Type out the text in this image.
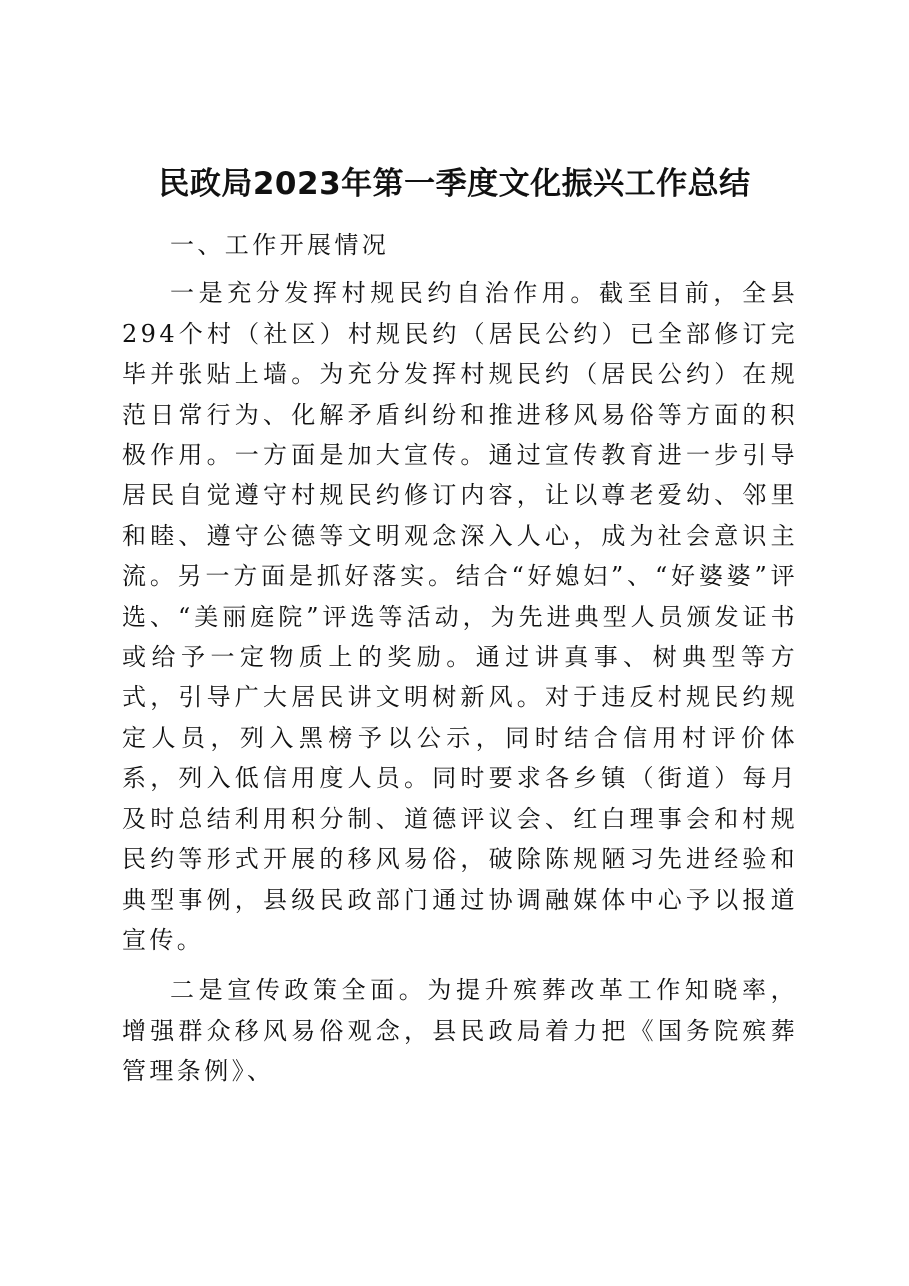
民政局2023年第一季度文化振兴工作总结
一、工作开展情况

一是充分发挥村规民约自治作用。截至目前，全县294个村（社区）村规民约（居民公约）已全部修订完毕并张贴上墙。为充分发挥村规民约（居民公约）在规范日常行为、化解矛盾纠纷和推进移风易俗等方面的积极作用。一方面是加大宣传。通过宣传教育进一步引导居民自觉遵守村规民约修订内容，让以尊老爱幼、邻里和睦、遵守公德等文明观念深入人心，成为社会意识主流。另一方面是抓好落实。结合“好媳妇”、“好婆婆”评选、“美丽庭院”评选等活动，为先进典型人员颁发证书或给予一定物质上的奖励。通过讲真事、树典型等方式，引导广大居民讲文明树新风。对于违反村规民约规定人员，列入黑榜予以公示，同时结合信用村评价体系，列入低信用度人员。同时要求各乡镇（街道）每月及时总结利用积分制、道德评议会、红白理事会和村规民约等形式开展的移风易俗，破除陈规陋习先进经验和典型事例，县级民政部门通过协调融媒体中心予以报道宣传。

二是宣传政策全面。为提升殡葬改革工作知晓率，增强群众移风易俗观念，县民政局着力把《国务院殡葬管理条例》、
